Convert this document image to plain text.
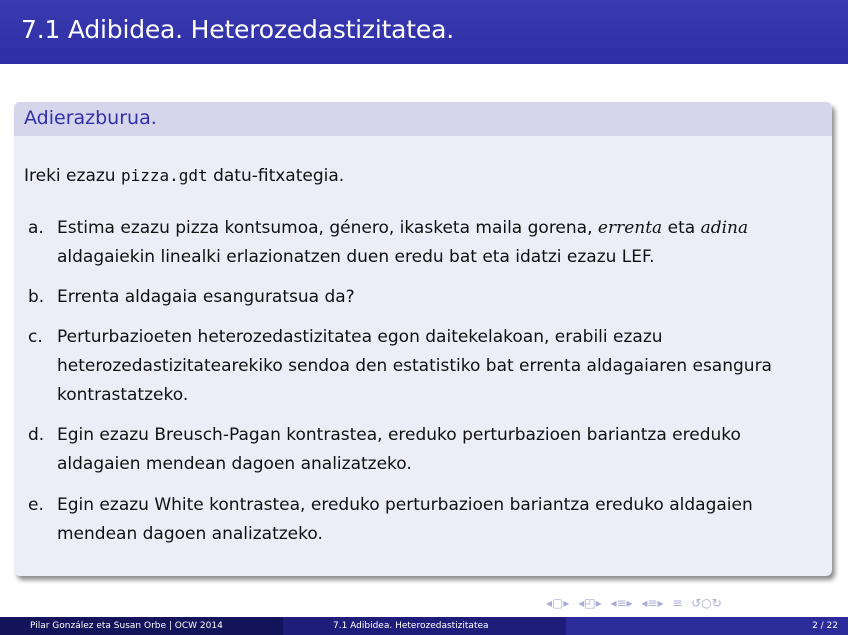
7.1 Adibidea. Heterozedastizitatea.
Adierazburua.
Ireki ezazu pizza.gdt datu-fitxategia.
a. Estima ezazu pizza kontsumoa, género, ikasketa maila gorena, errenta eta adina aldagaiekin linealki erlazionatzen duen eredu bat eta idatzi ezazu LEF.
b. Errenta aldagaia esanguratsua da?
c. Perturbazioeten heterozedastizitatea egon daitekelakoan, erabili ezazu heterozedastizitatearekiko sendoa den estatistiko bat errenta aldagaiaren esangura kontrastatzeko.
d. Egin ezazu Breusch-Pagan kontrastea, ereduko perturbazioen bariantza ereduko aldagaien mendean dagoen analizatzeko.
e. Egin ezazu White kontrastea, ereduko perturbazioen bariantza ereduko aldagaien mendean dagoen analizatzeko.
◂▢▸ ◂◰▸ ◂≡▸ ◂≡▸ ≡ ↺○↻
Pilar González eta Susan Orbe | OCW 2014	7.1 Adibidea. Heterozedastizitatea	2 / 22
